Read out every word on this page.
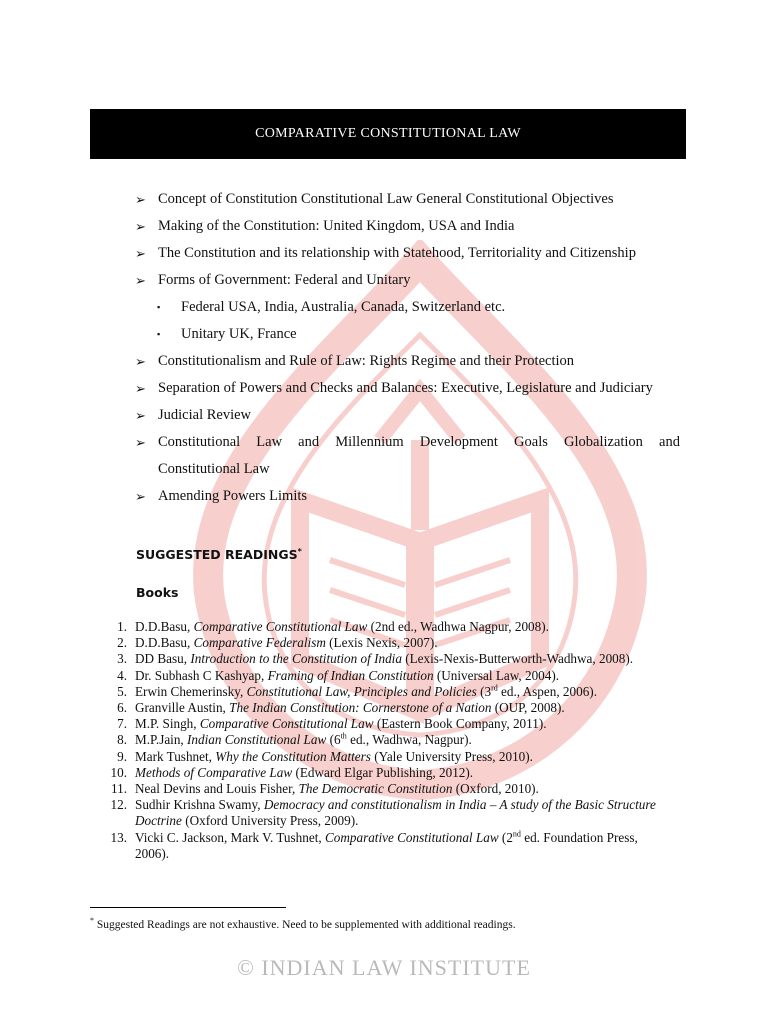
COMPARATIVE CONSTITUTIONAL LAW
➢ Concept of Constitution Constitutional Law General Constitutional Objectives
➢ Making of the Constitution: United Kingdom, USA and India
➢ The Constitution and its relationship with Statehood, Territoriality and Citizenship
➢ Forms of Government: Federal and Unitary
▪ Federal USA, India, Australia, Canada, Switzerland etc.
▪ Unitary UK, France
➢ Constitutionalism and Rule of Law: Rights Regime and their Protection
➢ Separation of Powers and Checks and Balances: Executive, Legislature and Judiciary
➢ Judicial Review
➢ Constitutional Law and Millennium Development Goals Globalization and
Constitutional Law
➢ Amending Powers Limits
SUGGESTED READINGS*
Books
1. D.D.Basu, Comparative Constitutional Law (2nd ed., Wadhwa Nagpur, 2008).
2. D.D.Basu, Comparative Federalism (Lexis Nexis, 2007).
3. DD Basu, Introduction to the Constitution of India (Lexis-Nexis-Butterworth-Wadhwa, 2008).
4. Dr. Subhash C Kashyap, Framing of Indian Constitution (Universal Law, 2004).
5. Erwin Chemerinsky, Constitutional Law, Principles and Policies (3rd ed., Aspen, 2006).
6. Granville Austin, The Indian Constitution: Cornerstone of a Nation (OUP, 2008).
7. M.P. Singh, Comparative Constitutional Law (Eastern Book Company, 2011).
8. M.P.Jain, Indian Constitutional Law (6th ed., Wadhwa, Nagpur).
9. Mark Tushnet, Why the Constitution Matters (Yale University Press, 2010).
10. Methods of Comparative Law (Edward Elgar Publishing, 2012).
11. Neal Devins and Louis Fisher, The Democratic Constitution (Oxford, 2010).
12. Sudhir Krishna Swamy, Democracy and constitutionalism in India – A study of the Basic Structure Doctrine (Oxford University Press, 2009).
13. Vicki C. Jackson, Mark V. Tushnet, Comparative Constitutional Law (2nd ed. Foundation Press, 2006).
* Suggested Readings are not exhaustive. Need to be supplemented with additional readings.
© INDIAN LAW INSTITUTE
